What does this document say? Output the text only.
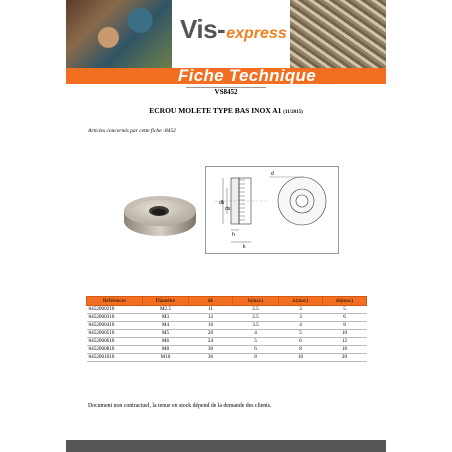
Vis-express
Fiche Technique
VS8452
ECROU MOLETE TYPE BAS INOX A1 (11/2015)
Articles concernés par cette fiche :8452
dk
ds
h
k
d
Références	Diamètre	dk	h(max)	k(max)	ds(max)
8452000218	M2.5	11	2.5	3	5
8452000318	M3	12	2.5	3	6
8452000418	M4	16	3.5	4	8
8452000518	M5	20	4	5	10
8452000618	M6	24	5	6	12
8452000818	M8	30	6	8	16
8452001018	M10	36	8	10	20
Document non contractuel, la tenue en stock dépend de la demande des clients.
